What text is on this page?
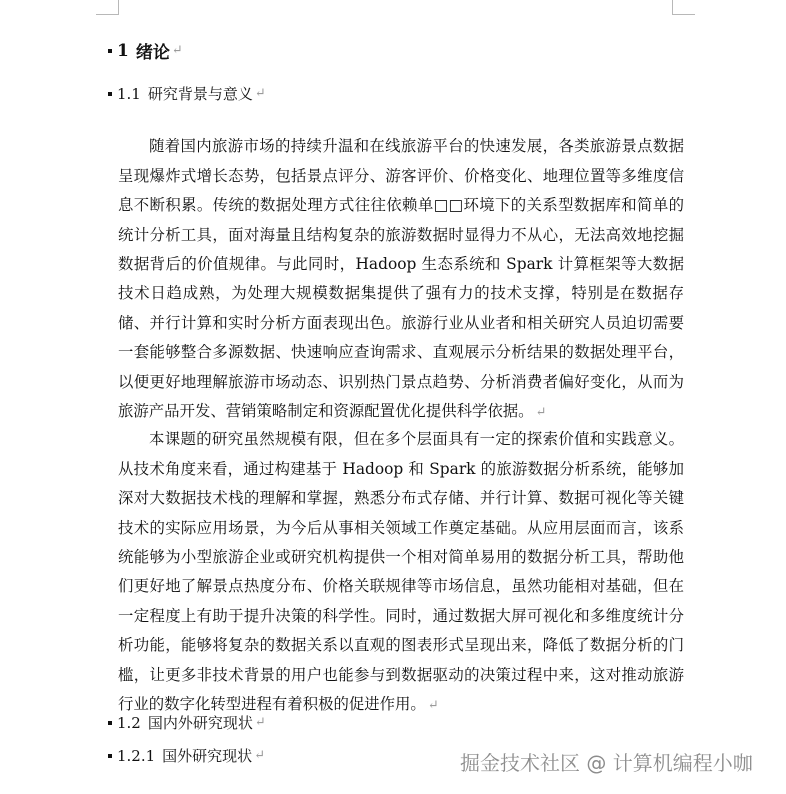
1 绪论 ↵
1.1 研究背景与意义 ↵

随着国内旅游市场的持续升温和在线旅游平台的快速发展，各类旅游景点数据呈现爆炸式增长态势，包括景点评分、游客评价、价格变化、地理位置等多维度信息不断积累。传统的数据处理方式往往依赖单□□环境下的关系型数据库和简单的统计分析工具，面对海量且结构复杂的旅游数据时显得力不从心，无法高效地挖掘数据背后的价值规律。与此同时，Hadoop 生态系统和 Spark 计算框架等大数据技术日趋成熟，为处理大规模数据集提供了强有力的技术支撑，特别是在数据存储、并行计算和实时分析方面表现出色。旅游行业从业者和相关研究人员迫切需要一套能够整合多源数据、快速响应查询需求、直观展示分析结果的数据处理平台，以便更好地理解旅游市场动态、识别热门景点趋势、分析消费者偏好变化，从而为旅游产品开发、营销策略制定和资源配置优化提供科学依据。 ↵

本课题的研究虽然规模有限，但在多个层面具有一定的探索价值和实践意义。从技术角度来看，通过构建基于 Hadoop 和 Spark 的旅游数据分析系统，能够加深对大数据技术栈的理解和掌握，熟悉分布式存储、并行计算、数据可视化等关键技术的实际应用场景，为今后从事相关领域工作奠定基础。从应用层面而言，该系统能够为小型旅游企业或研究机构提供一个相对简单易用的数据分析工具，帮助他们更好地了解景点热度分布、价格关联规律等市场信息，虽然功能相对基础，但在一定程度上有助于提升决策的科学性。同时，通过数据大屏可视化和多维度统计分析功能，能够将复杂的数据关系以直观的图表形式呈现出来，降低了数据分析的门槛，让更多非技术背景的用户也能参与到数据驱动的决策过程中来，这对推动旅游行业的数字化转型进程有着积极的促进作用。 ↵

1.2 国内外研究现状 ↵
1.2.1 国外研究现状 ↵	掘金技术社区 @ 计算机编程小咖
